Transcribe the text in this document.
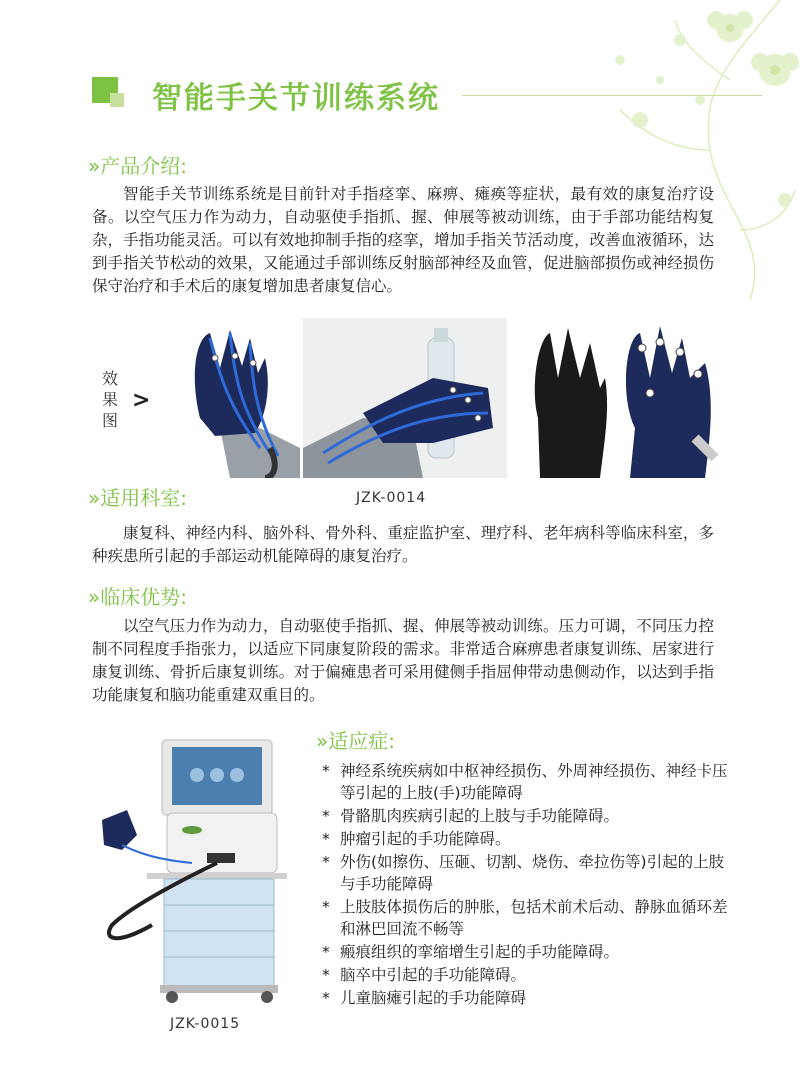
智能手关节训练系统
»产品介绍:
智能手关节训练系统是目前针对手指痉挛、麻痹、瘫痪等症状，最有效的康复治疗设备。以空气压力作为动力，自动驱使手指抓、握、伸展等被动训练，由于手部功能结构复杂，手指功能灵活。可以有效地抑制手指的痉挛，增加手指关节活动度，改善血液循环，达到手指关节松动的效果，又能通过手部训练反射脑部神经及血管，促进脑部损伤或神经损伤保守治疗和手术后的康复增加患者康复信心。
效
果
图
>
JZK-0014
»适用科室:
康复科、神经内科、脑外科、骨外科、重症监护室、理疗科、老年病科等临床科室，多种疾患所引起的手部运动机能障碍的康复治疗。
»临床优势:
以空气压力作为动力，自动驱使手指抓、握、伸展等被动训练。压力可调，不同压力控制不同程度手指张力，以适应下同康复阶段的需求。非常适合麻痹患者康复训练、居家进行康复训练、骨折后康复训练。对于偏瘫患者可采用健侧手指屈伸带动患侧动作，以达到手指功能康复和脑功能重建双重目的。
»适应症:
* 神经系统疾病如中枢神经损伤、外周神经损伤、神经卡压等引起的上肢(手)功能障碍
* 骨骼肌肉疾病引起的上肢与手功能障碍。
* 肿瘤引起的手功能障碍。
* 外伤(如擦伤、压砸、切割、烧伤、牵拉伤等)引起的上肢与手功能障碍
* 上肢肢体损伤后的肿胀，包括术前术后动、静脉血循环差和淋巴回流不畅等
* 瘢痕组织的挛缩增生引起的手功能障碍。
* 脑卒中引起的手功能障碍。
* 儿童脑瘫引起的手功能障碍
JZK-0015
